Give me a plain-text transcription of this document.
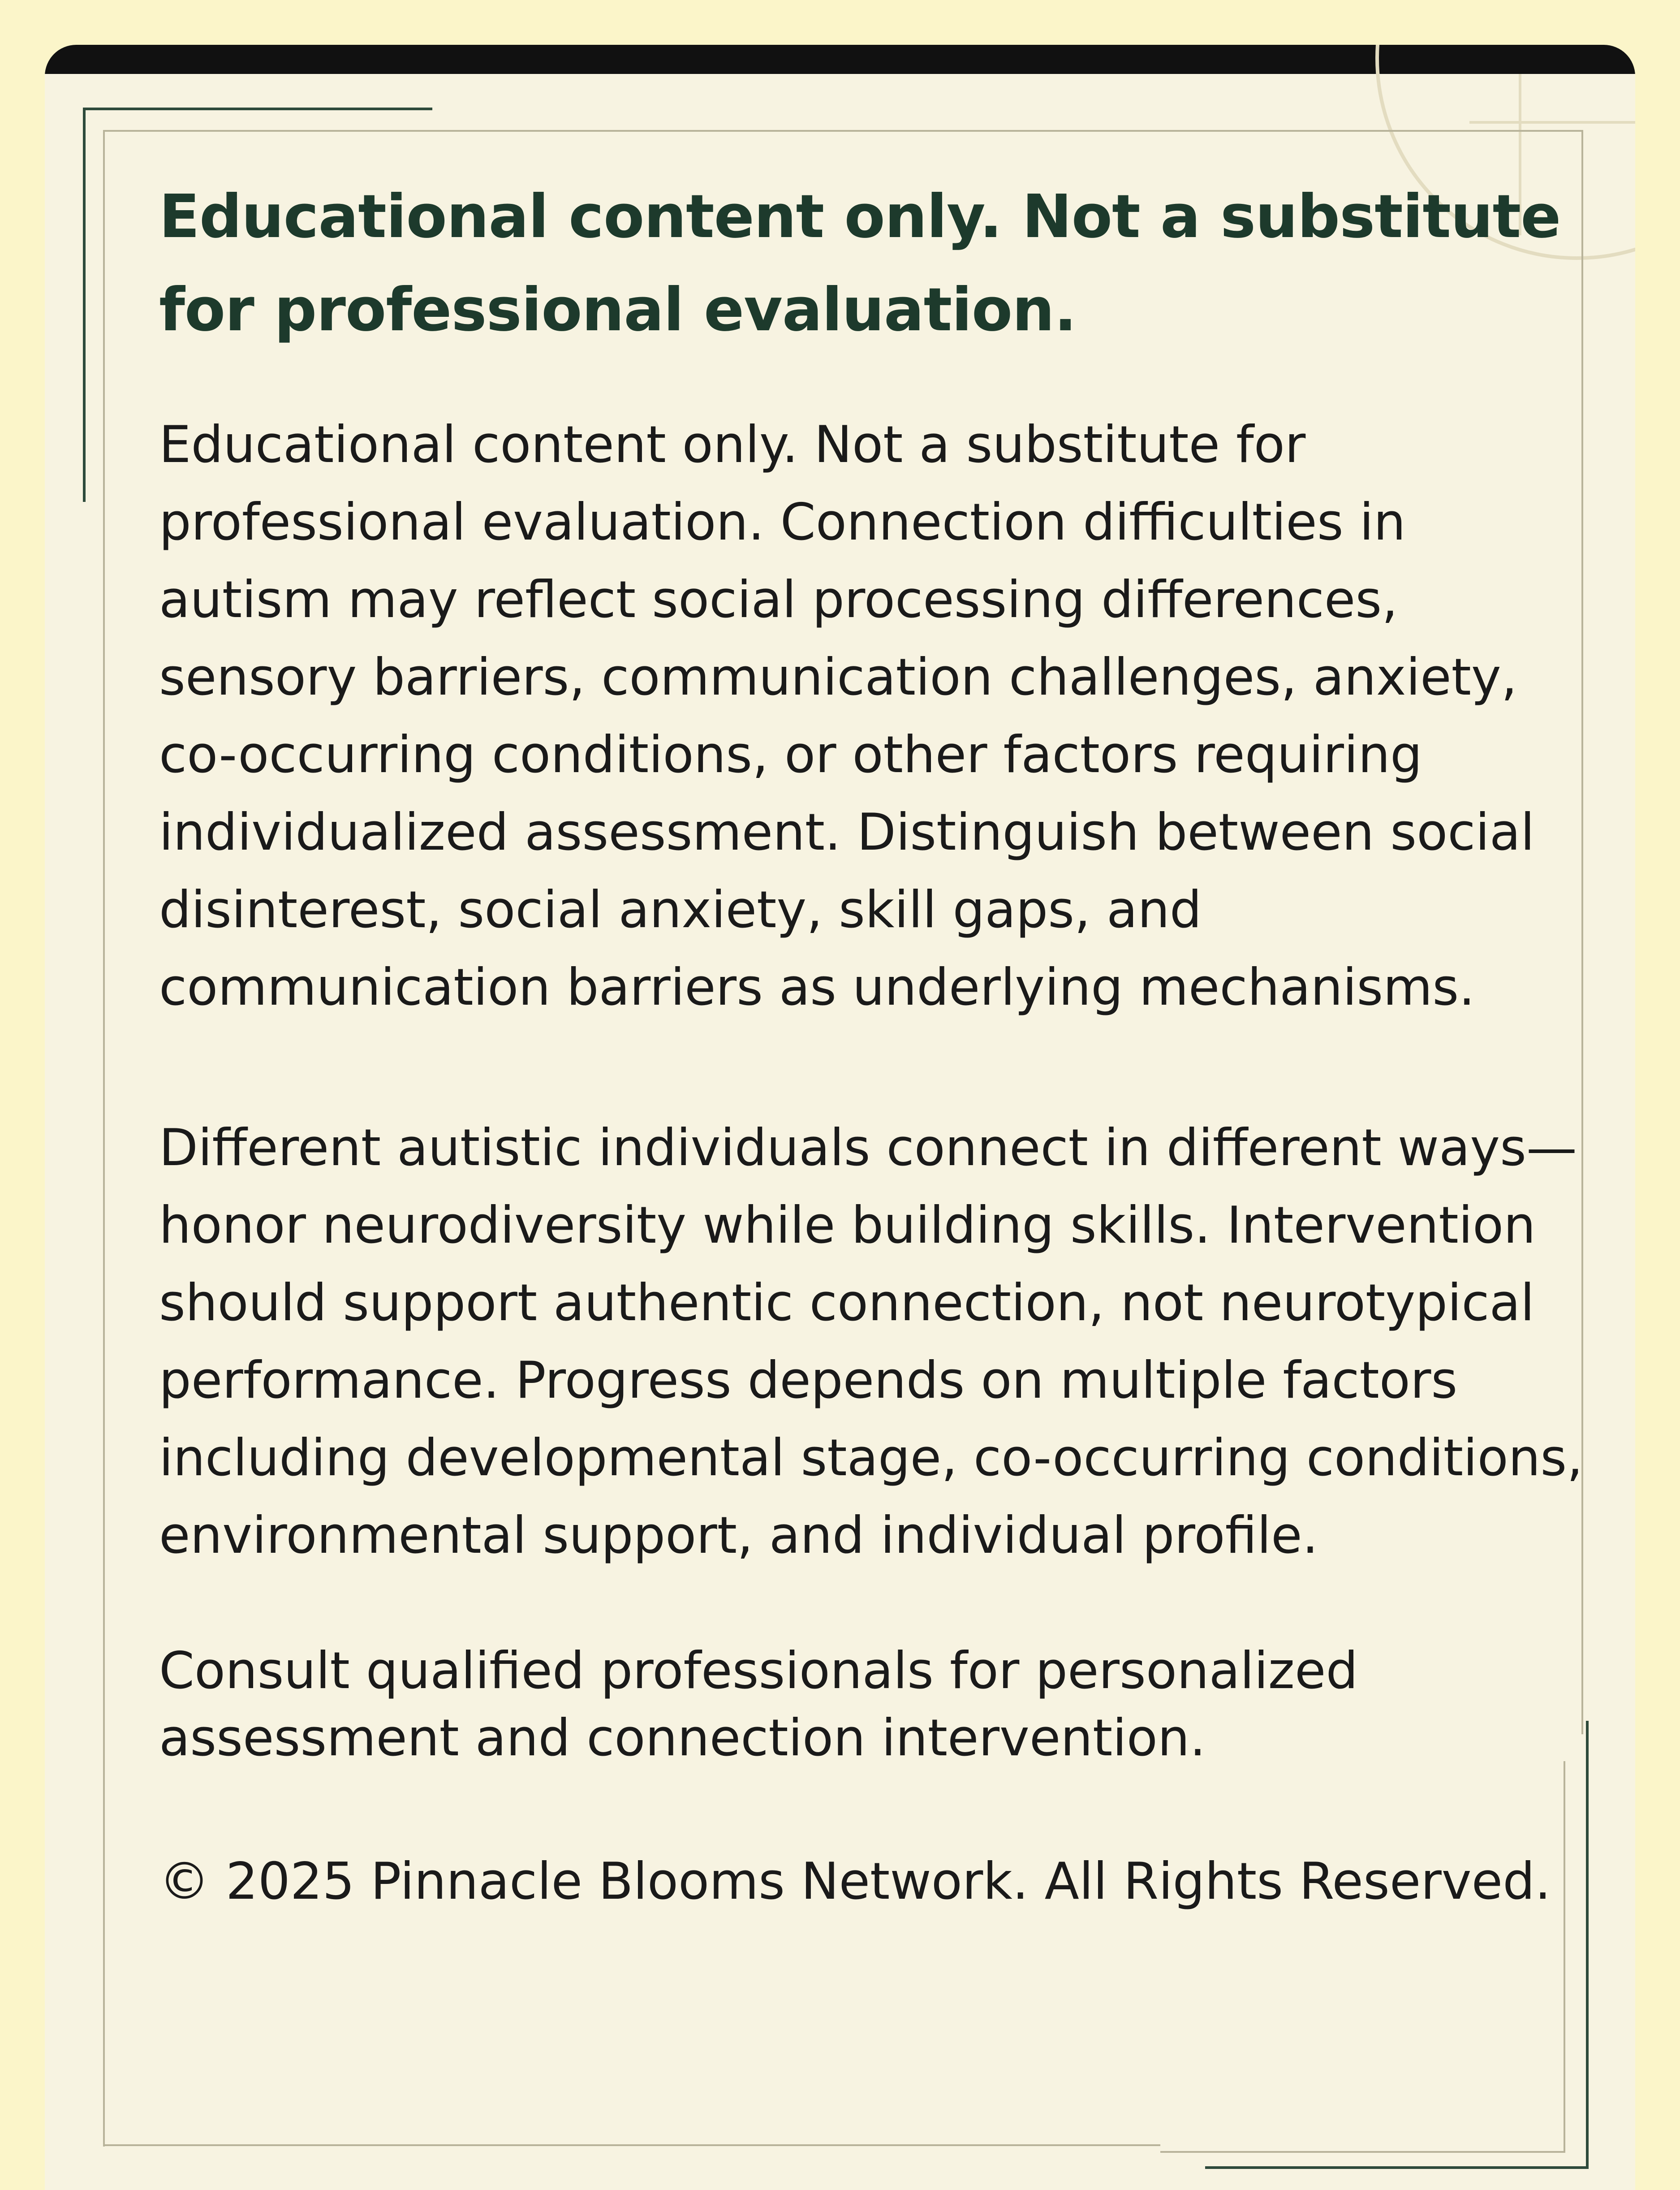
Educational content only. Not a substitute for professional evaluation.

Educational content only. Not a substitute for professional evaluation. Connection difficulties in autism may reflect social processing differences, sensory barriers, communication challenges, anxiety, co-occurring conditions, or other factors requiring individualized assessment. Distinguish between social disinterest, social anxiety, skill gaps, and communication barriers as underlying mechanisms.

Different autistic individuals connect in different ways—honor neurodiversity while building skills. Intervention should support authentic connection, not neurotypical performance. Progress depends on multiple factors including developmental stage, co-occurring conditions, environmental support, and individual profile.

Consult qualified professionals for personalized assessment and connection intervention.

© 2025 Pinnacle Blooms Network. All Rights Reserved.
